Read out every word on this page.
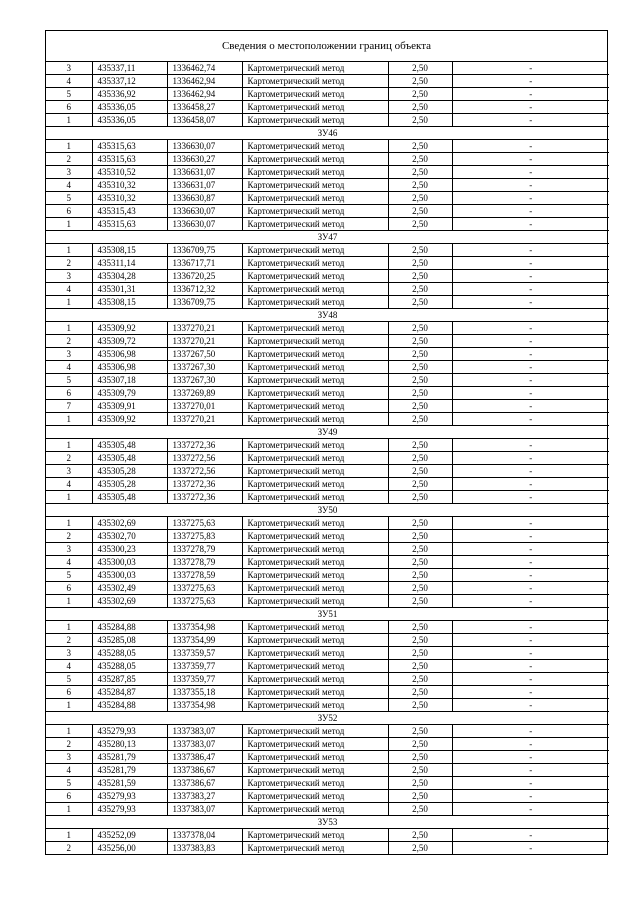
Сведения о местоположении границ объекта
3	435337,11	1336462,74	Картометрический метод	2,50	-
4	435337,12	1336462,94	Картометрический метод	2,50	-
5	435336,92	1336462,94	Картометрический метод	2,50	-
6	435336,05	1336458,27	Картометрический метод	2,50	-
1	435336,05	1336458,07	Картометрический метод	2,50	-
ЗУ46					
1	435315,63	1336630,07	Картометрический метод	2,50	-
2	435315,63	1336630,27	Картометрический метод	2,50	-
3	435310,52	1336631,07	Картометрический метод	2,50	-
4	435310,32	1336631,07	Картометрический метод	2,50	-
5	435310,32	1336630,87	Картометрический метод	2,50	-
6	435315,43	1336630,07	Картометрический метод	2,50	-
1	435315,63	1336630,07	Картометрический метод	2,50	-
ЗУ47					
1	435308,15	1336709,75	Картометрический метод	2,50	-
2	435311,14	1336717,71	Картометрический метод	2,50	-
3	435304,28	1336720,25	Картометрический метод	2,50	-
4	435301,31	1336712,32	Картометрический метод	2,50	-
1	435308,15	1336709,75	Картометрический метод	2,50	-
ЗУ48					
1	435309,92	1337270,21	Картометрический метод	2,50	-
2	435309,72	1337270,21	Картометрический метод	2,50	-
3	435306,98	1337267,50	Картометрический метод	2,50	-
4	435306,98	1337267,30	Картометрический метод	2,50	-
5	435307,18	1337267,30	Картометрический метод	2,50	-
6	435309,79	1337269,89	Картометрический метод	2,50	-
7	435309,91	1337270,01	Картометрический метод	2,50	-
1	435309,92	1337270,21	Картометрический метод	2,50	-
ЗУ49					
1	435305,48	1337272,36	Картометрический метод	2,50	-
2	435305,48	1337272,56	Картометрический метод	2,50	-
3	435305,28	1337272,56	Картометрический метод	2,50	-
4	435305,28	1337272,36	Картометрический метод	2,50	-
1	435305,48	1337272,36	Картометрический метод	2,50	-
ЗУ50					
1	435302,69	1337275,63	Картометрический метод	2,50	-
2	435302,70	1337275,83	Картометрический метод	2,50	-
3	435300,23	1337278,79	Картометрический метод	2,50	-
4	435300,03	1337278,79	Картометрический метод	2,50	-
5	435300,03	1337278,59	Картометрический метод	2,50	-
6	435302,49	1337275,63	Картометрический метод	2,50	-
1	435302,69	1337275,63	Картометрический метод	2,50	-
ЗУ51					
1	435284,88	1337354,98	Картометрический метод	2,50	-
2	435285,08	1337354,99	Картометрический метод	2,50	-
3	435288,05	1337359,57	Картометрический метод	2,50	-
4	435288,05	1337359,77	Картометрический метод	2,50	-
5	435287,85	1337359,77	Картометрический метод	2,50	-
6	435284,87	1337355,18	Картометрический метод	2,50	-
1	435284,88	1337354,98	Картометрический метод	2,50	-
ЗУ52					
1	435279,93	1337383,07	Картометрический метод	2,50	-
2	435280,13	1337383,07	Картометрический метод	2,50	-
3	435281,79	1337386,47	Картометрический метод	2,50	-
4	435281,79	1337386,67	Картометрический метод	2,50	-
5	435281,59	1337386,67	Картометрический метод	2,50	-
6	435279,93	1337383,27	Картометрический метод	2,50	-
1	435279,93	1337383,07	Картометрический метод	2,50	-
ЗУ53					
1	435252,09	1337378,04	Картометрический метод	2,50	-
2	435256,00	1337383,83	Картометрический метод	2,50	-
